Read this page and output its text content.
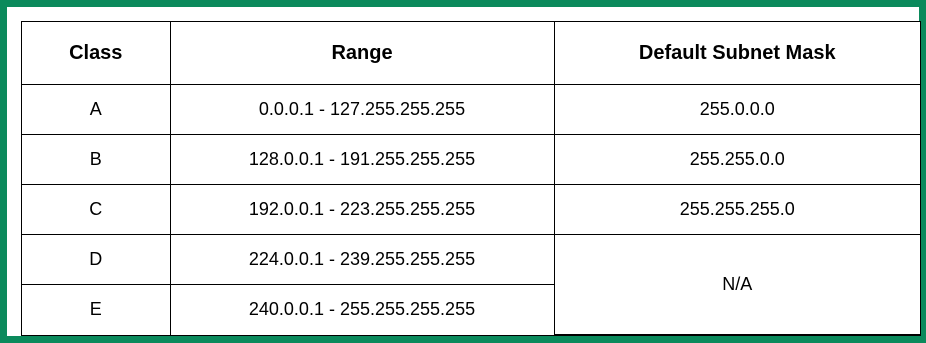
Class	Range	Default Subnet Mask
A	0.0.0.1 - 127.255.255.255	255.0.0.0
B	128.0.0.1 - 191.255.255.255	255.255.0.0
C	192.0.0.1 - 223.255.255.255	255.255.255.0
D	224.0.0.1 - 239.255.255.255	N/A
E	240.0.0.1 - 255.255.255.255	
